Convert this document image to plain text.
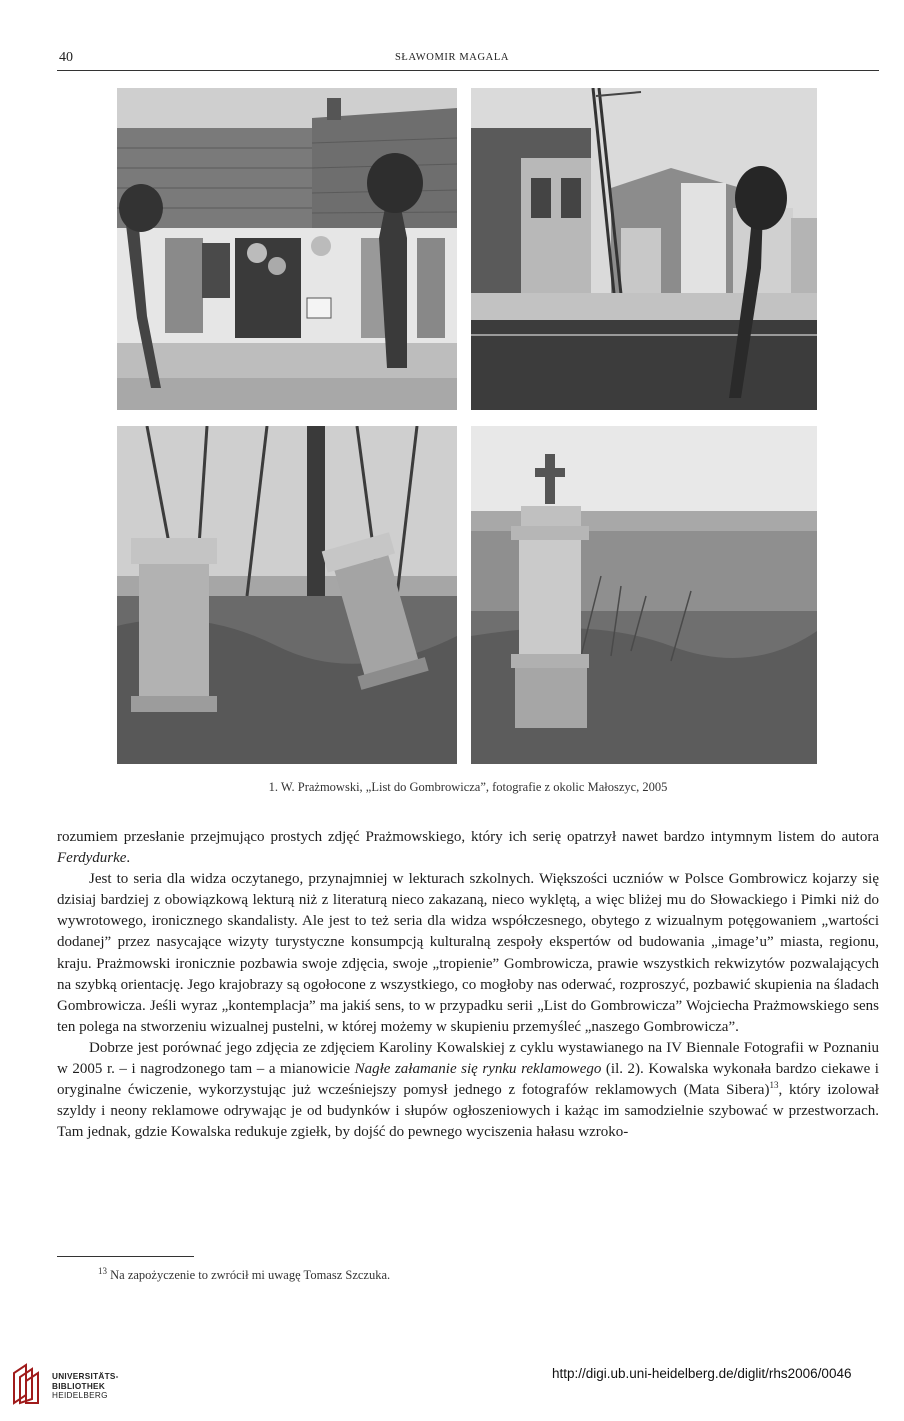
40	SŁAWOMIR MAGALA
1. W. Prażmowski, „List do Gombrowicza”, fotografie z okolic Małoszyc, 2005

rozumiem przesłanie przejmująco prostych zdjęć Prażmowskiego, który ich serię opatrzył nawet bardzo intymnym listem do autora Ferdydurke.

Jest to seria dla widza oczytanego, przynajmniej w lekturach szkolnych. Większości uczniów w Polsce Gombrowicz kojarzy się dzisiaj bardziej z obowiązkową lekturą niż z literaturą nieco zakazaną, nieco wyklętą, a więc bliżej mu do Słowackiego i Pimki niż do wywrotowego, ironicznego skandalisty. Ale jest to też seria dla widza współczesnego, obytego z wizualnym potęgowaniem „wartości dodanej” przez nasycające wizyty turystyczne konsumpcją kulturalną zespoły ekspertów od budowania „image’u” miasta, regionu, kraju. Prażmowski ironicznie pozbawia swoje zdjęcia, swoje „tropienie” Gombrowicza, prawie wszystkich rekwizytów pozwalających na szybką orientację. Jego krajobrazy są ogołocone z wszystkiego, co mogłoby nas oderwać, rozproszyć, pozbawić skupienia na śladach Gombrowicza. Jeśli wyraz „kontemplacja” ma jakiś sens, to w przypadku serii „List do Gombrowicza” Wojciecha Prażmowskiego sens ten polega na stworzeniu wizualnej pustelni, w której możemy w skupieniu przemyśleć „naszego Gombrowicza”.

Dobrze jest porównać jego zdjęcia ze zdjęciem Karoliny Kowalskiej z cyklu wystawianego na IV Biennale Fotografii w Poznaniu w 2005 r. – i nagrodzonego tam – a mianowicie Nagłe załamanie się rynku reklamowego (il. 2). Kowalska wykonała bardzo ciekawe i oryginalne ćwiczenie, wykorzystując już wcześniejszy pomysł jednego z fotografów reklamowych (Mata Sibera)$^{13}$, który izolował szyldy i neony reklamowe odrywając je od budynków i słupów ogłoszeniowych i każąc im samodzielnie szybować w przestworzach. Tam jednak, gdzie Kowalska redukuje zgiełk, by dojść do pewnego wyciszenia hałasu wzroko-

$^{13}$ Na zapożyczenie to zwrócił mi uwagę Tomasz Szczuka.
UNIVERSITÄTS-
BIBLIOTHEK
HEIDELBERG
http://digi.ub.uni-heidelberg.de/diglit/rhs2006/0046
